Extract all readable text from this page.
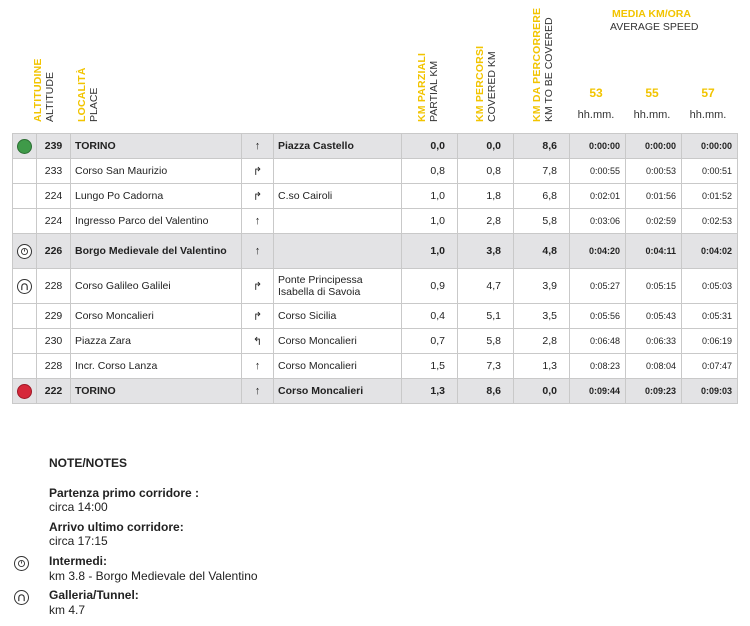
ALTITUDINE ALTITUDE LOCALITÀ PLACE	KM PARZIALI PARTIAL KM	KM PERCORSI COVERED KM	KM DA PERCORRERE KM TO BE COVERED
MEDIA KM/ORA
AVERAGE SPEED
53	55	57
hh.mm.	hh.mm.	hh.mm.
	239	TORINO	↑	Piazza Castello	0,0	0,0	8,6	0:00:00	0:00:00	0:00:00
	233	Corso San Maurizio	↱		0,8	0,8	7,8	0:00:55	0:00:53	0:00:51
	224	Lungo Po Cadorna	↱	C.so Cairoli	1,0	1,8	6,8	0:02:01	0:01:56	0:01:52
	224	Ingresso Parco del Valentino	↑		1,0	2,8	5,8	0:03:06	0:02:59	0:02:53

	226	Borgo Medievale del Valentino	↑		1,0	3,8	4,8	0:04:20	0:04:11	0:04:02

	228	Corso Galileo Galilei	↱	Ponte Principessa Isabella di Savoia	0,9	4,7	3,9	0:05:27	0:05:15	0:05:03
	229	Corso Moncalieri	↱	Corso Sicilia	0,4	5,1	3,5	0:05:56	0:05:43	0:05:31
	230	Piazza Zara	↰	Corso Moncalieri	0,7	5,8	2,8	0:06:48	0:06:33	0:06:19
	228	Incr. Corso Lanza	↑	Corso Moncalieri	1,5	7,3	1,3	0:08:23	0:08:04	0:07:47
	222	TORINO	↑	Corso Moncalieri	1,3	8,6	0,0	0:09:44	0:09:23	0:09:03
NOTE/NOTES
Partenza primo corridore :
circa 14:00
Arrivo ultimo corridore:
circa 17:15
Intermedi:
km 3.8 - Borgo Medievale del Valentino
Galleria/Tunnel:
km 4.7
